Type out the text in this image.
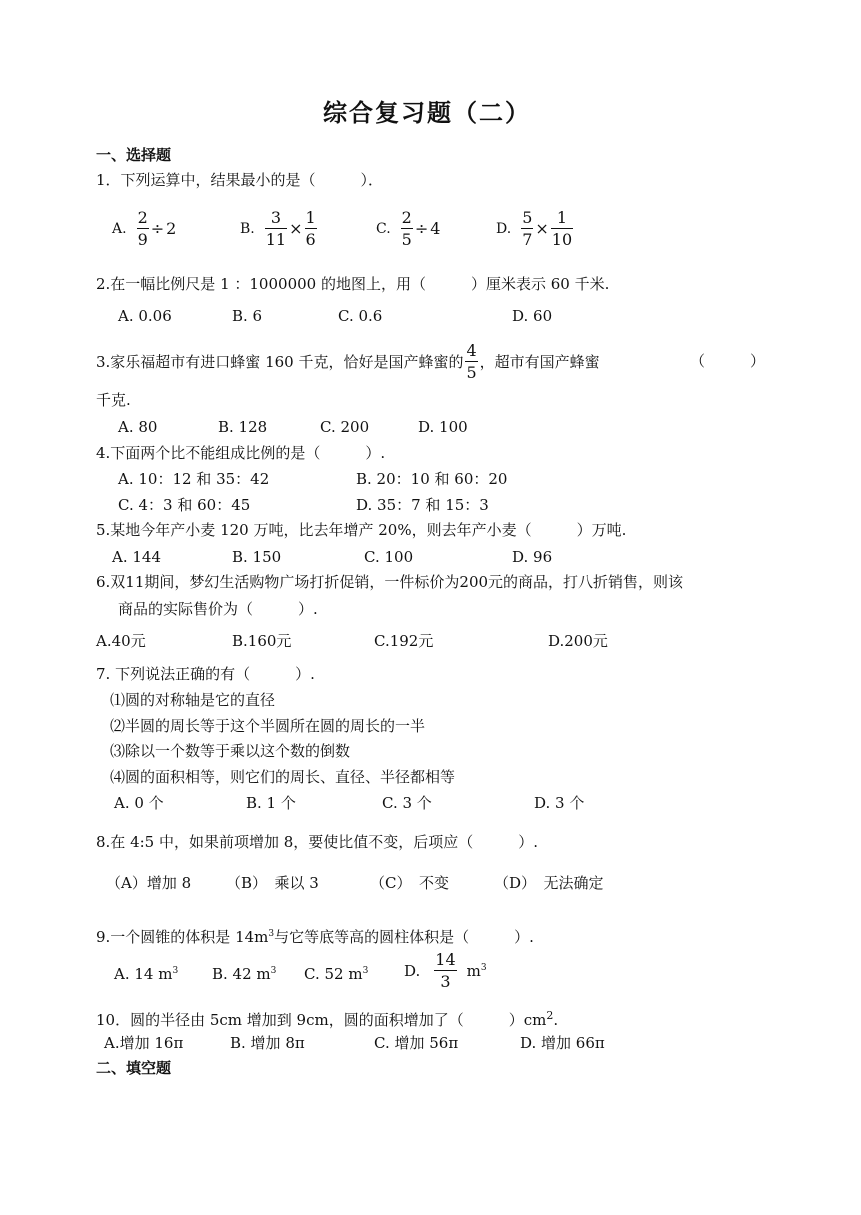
综合复习题（二）
一、选择题
1．下列运算中，结果最小的是（　　　）．
A. $\frac{2}{9} \div 2$	B. $\frac{3}{11} \times \frac{1}{6}$	C. $\frac{2}{5} \div 4$	D. $\frac{5}{7} \times \frac{1}{10}$
2.在一幅比例尺是 1 ：1000000 的地图上，用（　　　）厘米表示 60 千米.
A. 0.06	B. 6	C. 0.6	D. 60
3.家乐福超市有进口蜂蜜 160 千克，恰好是国产蜂蜜的 $\frac{4}{5}$ ，超市有国产蜂蜜	（　　　）
千克.
A. 80	B. 128	C. 200	D. 100
4.下面两个比不能组成比例的是（　　　）.
A. 10：12 和 35：42	B. 20：10 和 60：20
C. 4：3 和 60：45	D. 35：7 和 15：3
5.某地今年产小麦 120 万吨，比去年增产 20%，则去年产小麦（　　　）万吨.
A. 144	B. 150	C. 100	D. 96
6.双11期间，梦幻生活购物广场打折促销，一件标价为200元的商品，打八折销售，则该
商品的实际售价为（　　　）.
A.40元	B.160元	C.192元	D.200元
7. 下列说法正确的有（　　　）.
⑴圆的对称轴是它的直径
⑵半圆的周长等于这个半圆所在圆的周长的一半
⑶除以一个数等于乘以这个数的倒数
⑷圆的面积相等，则它们的周长、直径、半径都相等
A. 0 个	B. 1 个	C. 3 个	D. 3 个
8.在 4:5 中，如果前项增加 8，要使比值不变，后项应（　　　）.
（A）增加 8 （B）　乘以 3	（C）　不变	（D）　无法确定
9.一个圆锥的体积是 $14m^3$与它等底等高的圆柱体积是（　　　）.
A. 14 $m^3$ B. 42 $m^3$ C. 52 $m^3$ D. $\frac{14}{3} m^3$
10．圆的半径由 5cm 增加到 9cm，圆的面积增加了（　　　）$cm^2$.
A.增加 16π	B. 增加 8π	C. 增加 56π	D. 增加 66π
二、填空题
